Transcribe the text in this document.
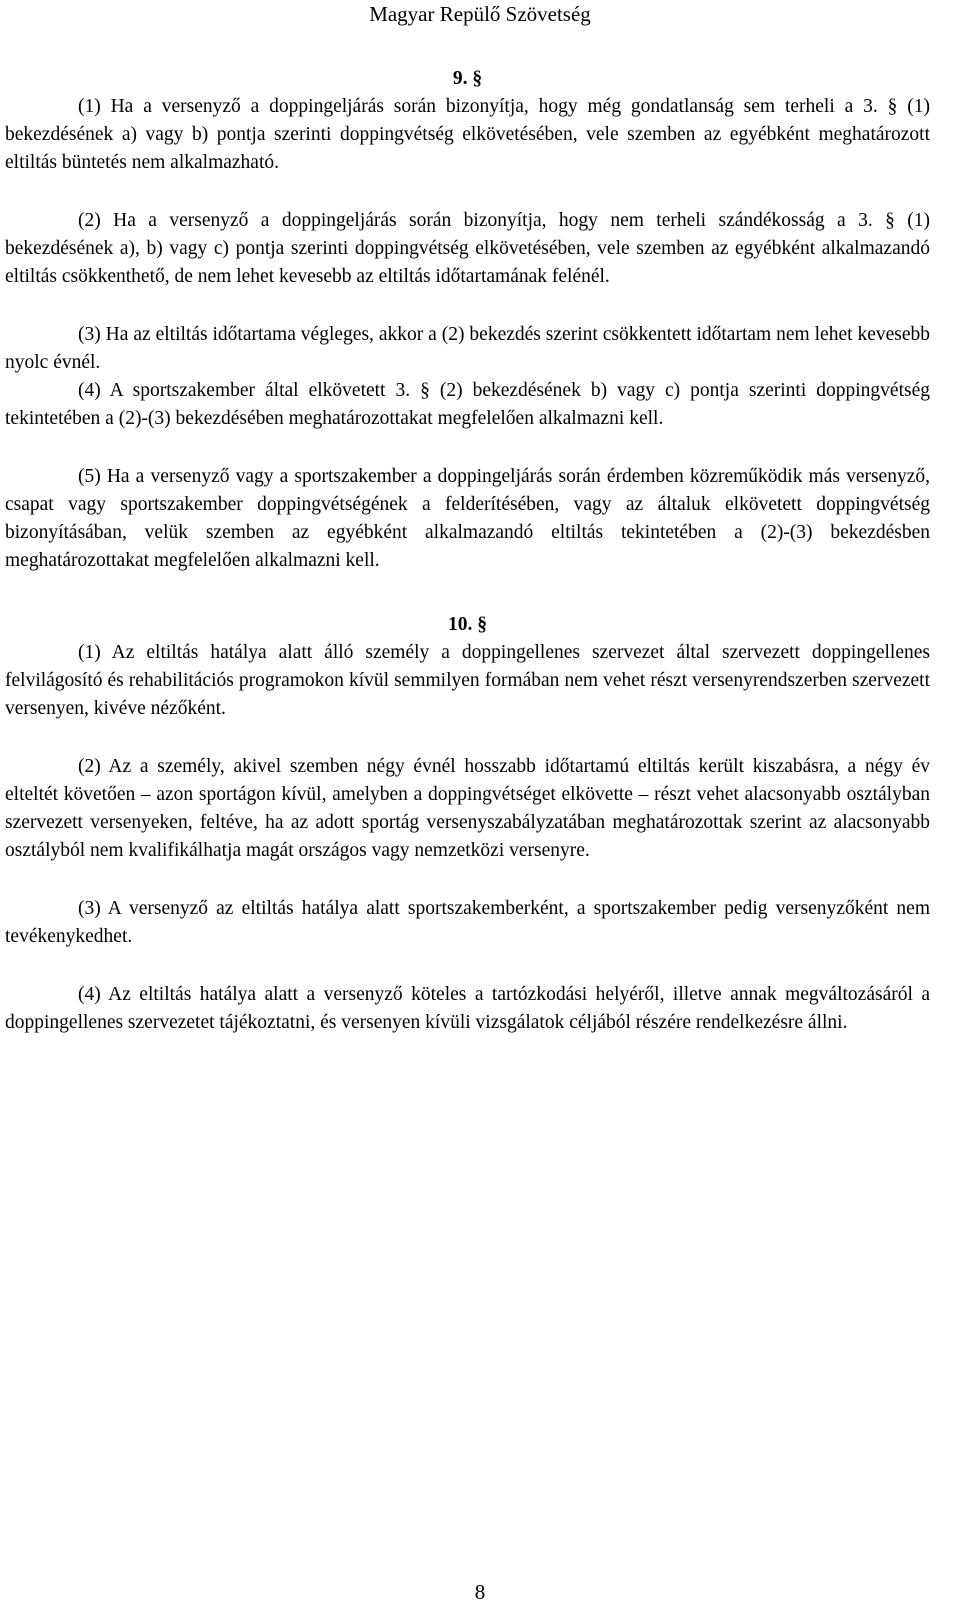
Magyar Repülő Szövetség

9. §

(1) Ha a versenyző a doppingeljárás során bizonyítja, hogy még gondatlanság sem terheli a 3. § (1) bekezdésének a) vagy b) pontja szerinti doppingvétség elkövetésében, vele szemben az egyébként meghatározott eltiltás büntetés nem alkalmazható.

(2) Ha a versenyző a doppingeljárás során bizonyítja, hogy nem terheli szándékosság a 3. § (1) bekezdésének a), b) vagy c) pontja szerinti doppingvétség elkövetésében, vele szemben az egyébként alkalmazandó eltiltás csökkenthető, de nem lehet kevesebb az eltiltás időtartamának felénél.

(3) Ha az eltiltás időtartama végleges, akkor a (2) bekezdés szerint csökkentett időtartam nem lehet kevesebb nyolc évnél.

(4) A sportszakember által elkövetett 3. § (2) bekezdésének b) vagy c) pontja szerinti doppingvétség tekintetében a (2)-(3) bekezdésében meghatározottakat megfelelően alkalmazni kell.

(5) Ha a versenyző vagy a sportszakember a doppingeljárás során érdemben közreműködik más versenyző, csapat vagy sportszakember doppingvétségének a felderítésében, vagy az általuk elkövetett doppingvétség bizonyításában, velük szemben az egyébként alkalmazandó eltiltás tekintetében a (2)-(3) bekezdésben meghatározottakat megfelelően alkalmazni kell.

10. §

(1) Az eltiltás hatálya alatt álló személy a doppingellenes szervezet által szervezett doppingellenes felvilágosító és rehabilitációs programokon kívül semmilyen formában nem vehet részt versenyrendszerben szervezett versenyen, kivéve nézőként.

(2) Az a személy, akivel szemben négy évnél hosszabb időtartamú eltiltás került kiszabásra, a négy év elteltét követően – azon sportágon kívül, amelyben a doppingvétséget elkövette – részt vehet alacsonyabb osztályban szervezett versenyeken, feltéve, ha az adott sportág versenyszabályzatában meghatározottak szerint az alacsonyabb osztályból nem kvalifikálhatja magát országos vagy nemzetközi versenyre.

(3) A versenyző az eltiltás hatálya alatt sportszakemberként, a sportszakember pedig versenyzőként nem tevékenykedhet.

(4) Az eltiltás hatálya alatt a versenyző köteles a tartózkodási helyéről, illetve annak megváltozásáról a doppingellenes szervezetet tájékoztatni, és versenyen kívüli vizsgálatok céljából részére rendelkezésre állni.

8
